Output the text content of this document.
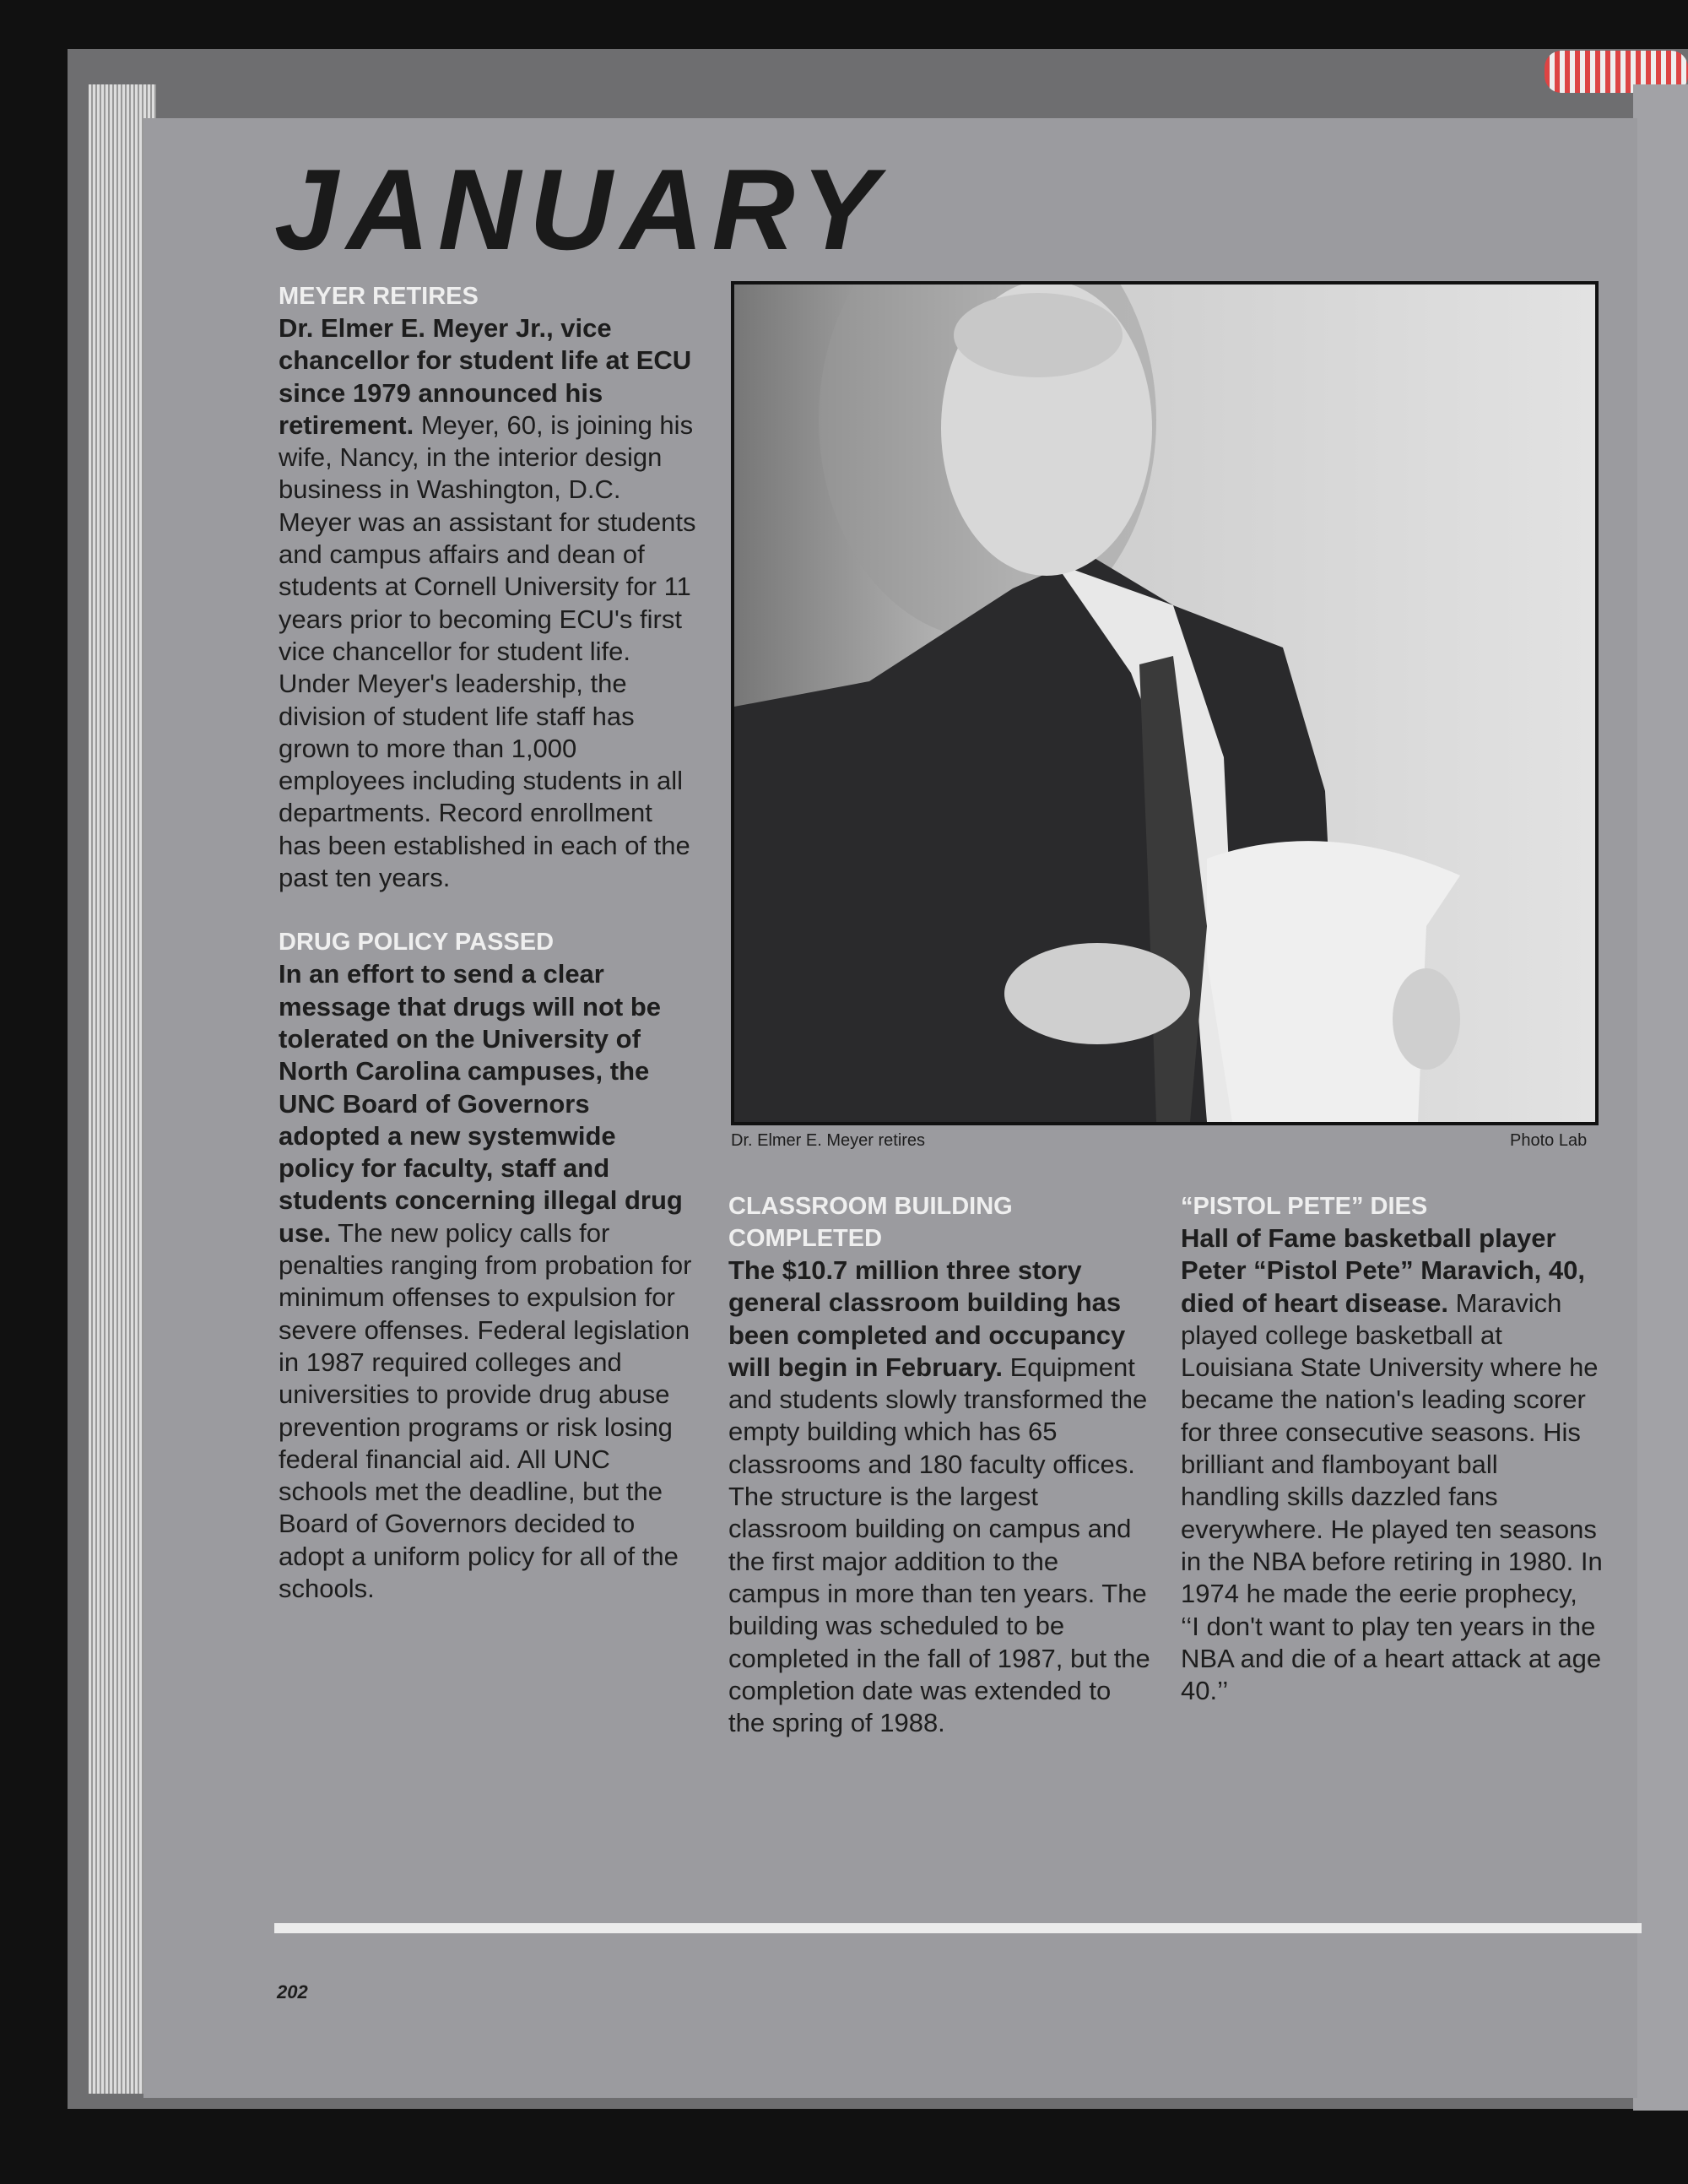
JANUARY
MEYER RETIRES

Dr. Elmer E. Meyer Jr., vice chancellor for student life at ECU since 1979 announced his retirement. Meyer, 60, is joining his wife, Nancy, in the interior design business in Washington, D.C. Meyer was an assistant for students and campus affairs and dean of students at Cornell University for 11 years prior to becoming ECU's first vice chancellor for student life. Under Meyer's leadership, the division of student life staff has grown to more than 1,000 employees including students in all departments. Record enrollment has been established in each of the past ten years.

DRUG POLICY PASSED

In an effort to send a clear message that drugs will not be tolerated on the University of North Carolina campuses, the UNC Board of Governors adopted a new systemwide policy for faculty, staff and students concerning illegal drug use. The new policy calls for penalties ranging from probation for minimum offenses to expulsion for severe offenses. Federal legislation in 1987 required colleges and universities to provide drug abuse prevention programs or risk losing federal financial aid. All UNC schools met the deadline, but the Board of Governors decided to adopt a uniform policy for all of the schools.

Dr. Elmer E. Meyer retires	Photo Lab
CLASSROOM BUILDING COMPLETED

The $10.7 million three story general classroom building has been completed and occupancy will begin in February. Equipment and students slowly transformed the empty building which has 65 classrooms and 180 faculty offices. The structure is the largest classroom building on campus and the first major addition to the campus in more than ten years. The building was scheduled to be completed in the fall of 1987, but the completion date was extended to the spring of 1988.

“PISTOL PETE” DIES

Hall of Fame basketball player Peter “Pistol Pete” Maravich, 40, died of heart disease. Maravich played college basketball at Louisiana State University where he became the nation's leading scorer for three consecutive seasons. His brilliant and flamboyant ball handling skills dazzled fans everywhere. He played ten seasons in the NBA before retiring in 1980. In 1974 he made the eerie prophecy, ‘‘I don't want to play ten years in the NBA and die of a heart attack at age 40.’’

202
